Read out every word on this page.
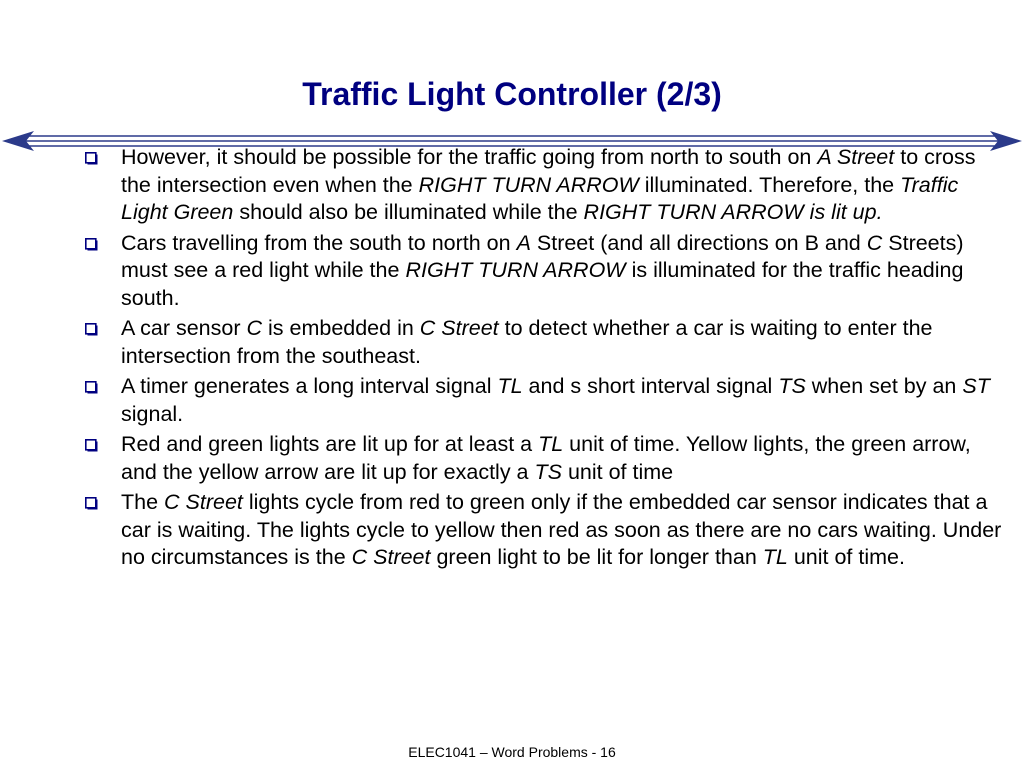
Traffic Light Controller (2/3)
However, it should be possible for the traffic going from north to south on A Street to cross the intersection even when the RIGHT TURN ARROW illuminated. Therefore, the Traffic Light Green should also be illuminated while the RIGHT TURN ARROW is lit up.
Cars travelling from the south to north on A Street (and all directions on B and C Streets) must see a red light while the RIGHT TURN ARROW is illuminated for the traffic heading south.
A car sensor C is embedded in C Street to detect whether a car is waiting to enter the intersection from the southeast.
A timer generates a long interval signal TL and s short interval signal TS when set by an ST signal.
Red and green lights are lit up for at least a TL unit of time. Yellow lights, the green arrow, and the yellow arrow are lit up for exactly a TS unit of time
The C Street lights cycle from red to green only if the embedded car sensor indicates that a car is waiting. The lights cycle to yellow then red as soon as there are no cars waiting. Under no circumstances is the C Street green light to be lit for longer than TL unit of time.
ELEC1041 – Word Problems - 16
